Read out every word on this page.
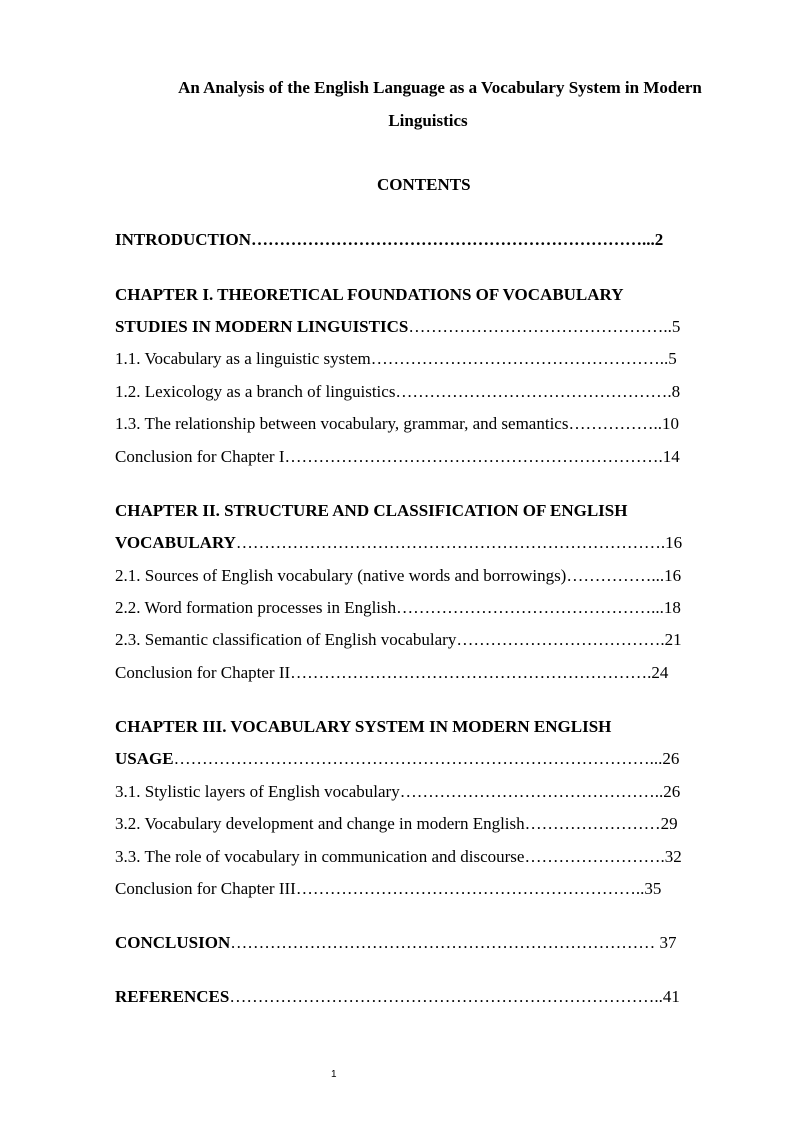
An Analysis of the English Language as a Vocabulary System in Modern
Linguistics
CONTENTS
INTRODUCTION……………………………………………………………...2
CHAPTER I. THEORETICAL FOUNDATIONS OF VOCABULARY
STUDIES IN MODERN LINGUISTICS………………………………………..5
1.1. Vocabulary as a linguistic system……………………………………………..5
1.2. Lexicology as a branch of linguistics………………………………………….8
1.3. The relationship between vocabulary, grammar, and semantics……………..10
Conclusion for Chapter I………………………………………………………….14
CHAPTER II. STRUCTURE AND CLASSIFICATION OF ENGLISH
VOCABULARY………………………………………………………………….16
2.1. Sources of English vocabulary (native words and borrowings)……………...16
2.2. Word formation processes in English………………………………………...18
2.3. Semantic classification of English vocabulary……………………………….21
Conclusion for Chapter II……………………………………………………….24
CHAPTER III. VOCABULARY SYSTEM IN MODERN ENGLISH
USAGE…………………………………………………………………………...26
3.1. Stylistic layers of English vocabulary………………………………………..26
3.2. Vocabulary development and change in modern English……………………29
3.3. The role of vocabulary in communication and discourse…………………….32
Conclusion for Chapter III……………………………………………………..35
CONCLUSION………………………………………………………………… 37
REFERENCES…………………………………………………………………..41
1
